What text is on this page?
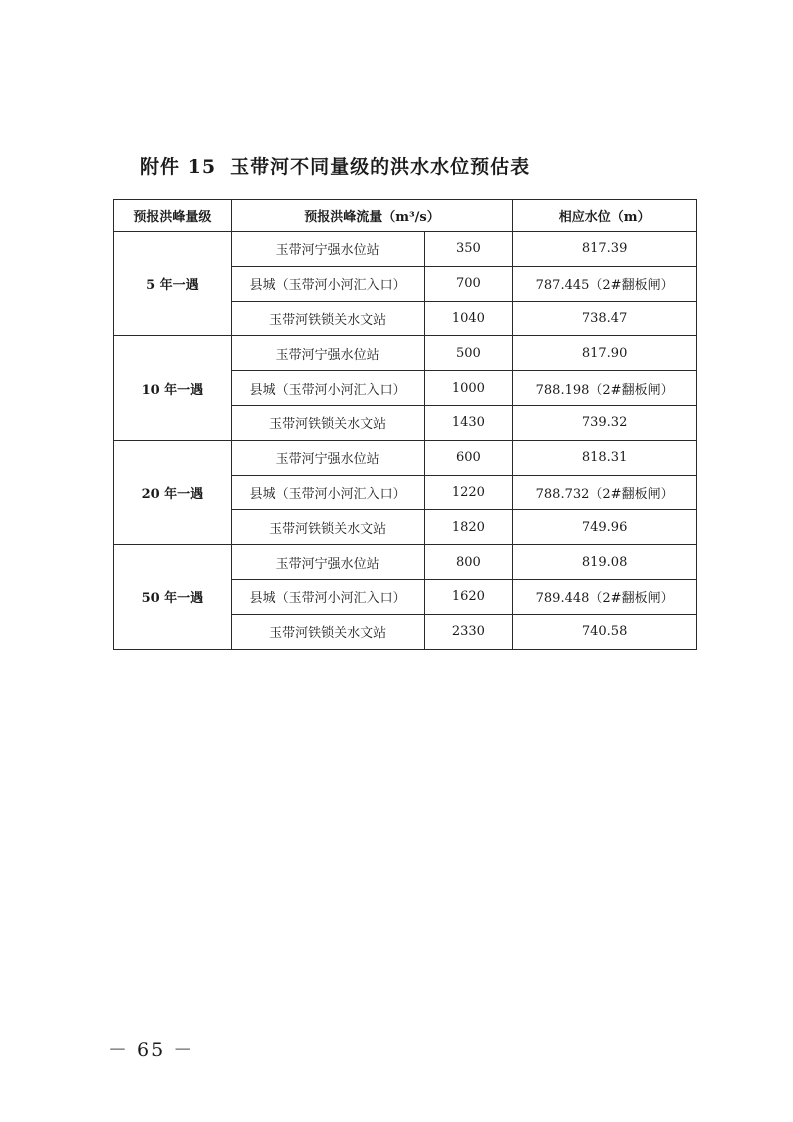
附件 15 玉带河不同量级的洪水水位预估表
预报洪峰量级	预报洪峰流量（m³/s）		相应水位（m）
5 年一遇	玉带河宁强水位站	350	817.39
	县城（玉带河小河汇入口）	700	787.445（2#翻板闸）
	玉带河铁锁关水文站	1040	738.47
10 年一遇	玉带河宁强水位站	500	817.90
	县城（玉带河小河汇入口）	1000	788.198（2#翻板闸）
	玉带河铁锁关水文站	1430	739.32
20 年一遇	玉带河宁强水位站	600	818.31
	县城（玉带河小河汇入口）	1220	788.732（2#翻板闸）
	玉带河铁锁关水文站	1820	749.96
50 年一遇	玉带河宁强水位站	800	819.08
	县城（玉带河小河汇入口）	1620	789.448（2#翻板闸）
	玉带河铁锁关水文站	2330	740.58
－ 65 －
